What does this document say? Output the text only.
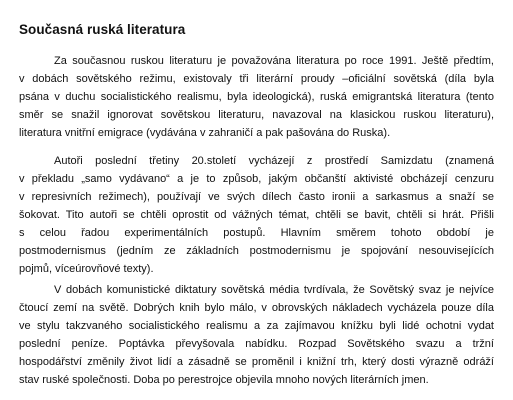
Současná ruská literatura
Za současnou ruskou literaturu je považována literatura po roce 1991. Ještě předtím,
v dobách sovětského režimu, existovaly tři literární proudy –oficiální sovětská (díla byla
psána v duchu socialistického realismu, byla ideologická), ruská emigrantská literatura (tento
směr se snažil ignorovat sovětskou literaturu, navazoval na klasickou ruskou literaturu),
literatura vnitřní emigrace (vydávána v zahraničí a pak pašována do Ruska).
Autoři poslední třetiny 20.století vycházejí z prostředí Samizdatu (znamená
v překladu „samo vydávano“ a je to způsob, jakým občanští aktivisté obcházejí cenzuru
v represivních režimech), používají ve svých dílech často ironii a sarkasmus a snaží se
šokovat. Tito autoři se chtěli oprostit od vážných témat, chtěli se bavit, chtěli si hrát. Přišli
s celou řadou experimentálních postupů. Hlavním směrem tohoto období je
postmodernismus (jedním ze základních postmodernismu je spojování nesouvisejících
pojmů, víceúrovňové texty).
V dobách komunistické diktatury sovětská média tvrdívala, že Sovětský svaz je nejvíce
čtoucí zemí na světě. Dobrých knih bylo málo, v obrovských nákladech vycházela pouze díla
ve stylu takzvaného socialistického realismu a za zajímavou knížku byli lidé ochotni vydat
poslední peníze. Poptávka převyšovala nabídku. Rozpad Sovětského svazu a tržní
hospodářství změnily život lidí a zásadně se proměnil i knižní trh, který dosti výrazně odráží
stav ruské společnosti. Doba po perestrojce objevila mnoho nových literárních jmen.
